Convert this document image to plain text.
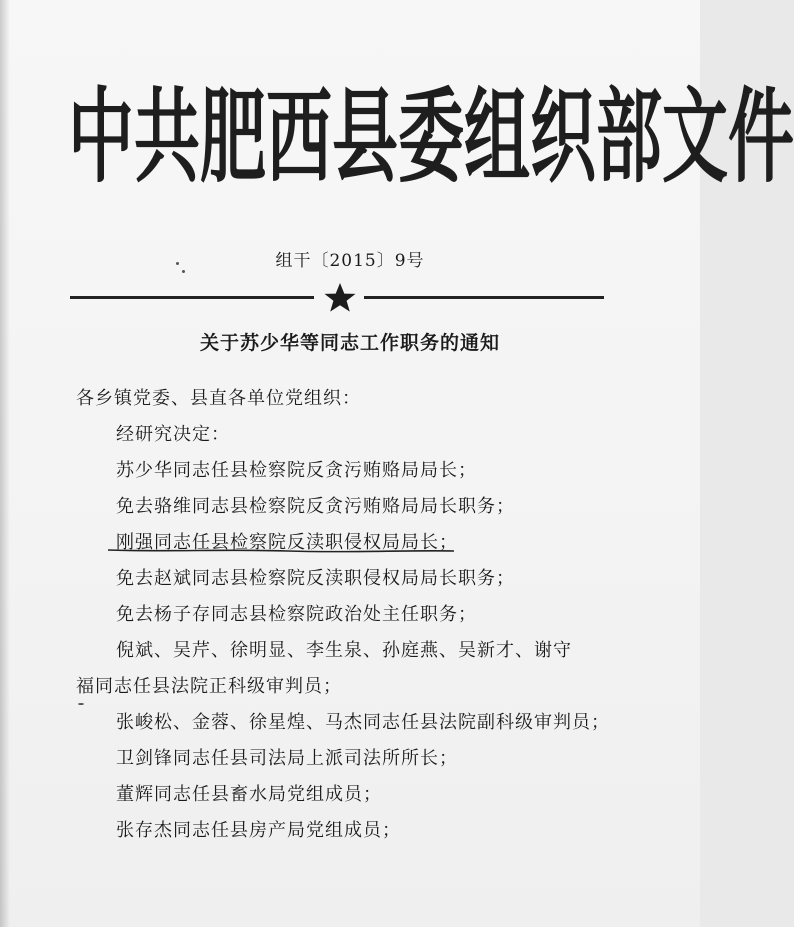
中 共 肥 西 县 委 组 织 部 文 件
组干〔2015〕9号
关于苏少华等同志工作职务的通知
各乡镇党委、县直各单位党组织：
经研究决定：
苏少华同志任县检察院反贪污贿赂局局长；
免去骆维同志县检察院反贪污贿赂局局长职务；
刚强同志任县检察院反渎职侵权局局长；
免去赵斌同志县检察院反渎职侵权局局长职务；
免去杨子存同志县检察院政治处主任职务；
倪斌、吴芹、徐明显、李生泉、孙庭燕、吴新才、谢守
福同志任县法院正科级审判员；
张峻松、金蓉、徐星煌、马杰同志任县法院副科级审判员；
卫剑锋同志任县司法局上派司法所所长；
董辉同志任县畜水局党组成员；
张存杰同志任县房产局党组成员；
